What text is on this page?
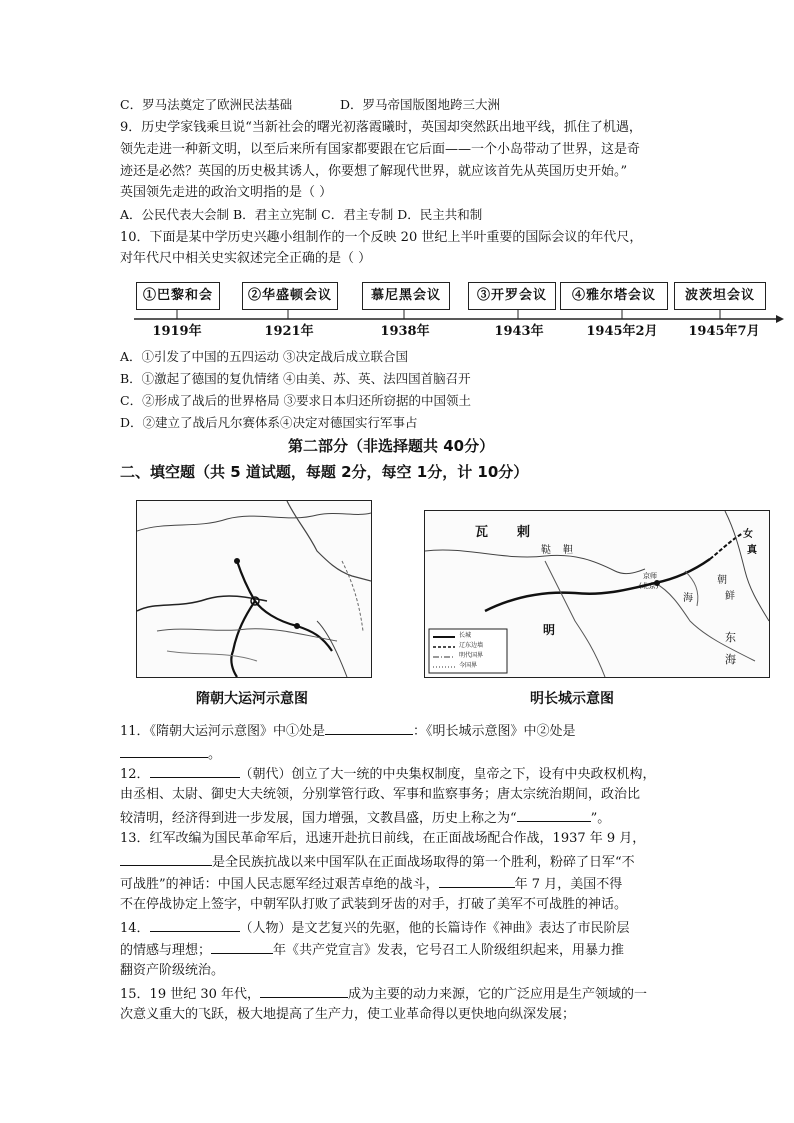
C．罗马法奠定了欧洲民法基础	D．罗马帝国版图地跨三大洲
9．历史学家钱乘旦说“当新社会的曙光初落霞曦时，英国却突然跃出地平线，抓住了机遇，
领先走进一种新文明，以至后来所有国家都要跟在它后面——一个小岛带动了世界，这是奇
迹还是必然？英国的历史极其诱人，你要想了解现代世界，就应该首先从英国历史开始。”
英国领先走进的政治文明指的是（ ）
A．公民代表大会制 B．君主立宪制 C．君主专制 D．民主共和制
10．下面是某中学历史兴趣小组制作的一个反映 20 世纪上半叶重要的国际会议的年代尺，
对年代尺中相关史实叙述完全正确的是（ ）
①巴黎和会	②华盛顿会议	慕尼黑会议	③开罗会议	④雅尔塔会议	波茨坦会议
1919年	1921年	1938年	1943年	1945年2月	1945年7月
A．①引发了中国的五四运动 ③决定战后成立联合国
B．①激起了德国的复仇情绪 ④由美、苏、英、法四国首脑召开
C．②形成了战后的世界格局 ③要求日本归还所窃据的中国领土
D．②建立了战后凡尔赛体系④决定对德国实行军事占
第二部分（非选择题共 40分）
二、填空题（共 5 道试题，每题 2分，每空 1分，计 10分）
隋朝大运河示意图
长城
辽东边墙
明代国界
今国界
瓦 剌
鞑 靼
明
东
海
京师
(北京)
海
朝
鲜
女
真
明长城示意图
11．《隋朝大运河示意图》中①处是	：《明长城示意图》中②处是
。
12．	（朝代）创立了大一统的中央集权制度，皇帝之下，设有中央政权机构，
由丞相、太尉、御史大夫统领，分别掌管行政、军事和监察事务；唐太宗统治期间，政治比
较清明，经济得到进一步发展，国力增强，文教昌盛，历史上称之为“	”。
13．红军改编为国民革命军后，迅速开赴抗日前线，在正面战场配合作战，1937 年 9 月，
是全民族抗战以来中国军队在正面战场取得的第一个胜利，粉碎了日军“不
可战胜”的神话：中国人民志愿军经过艰苦卓绝的战斗，	年 7 月，美国不得
不在停战协定上签字，中朝军队打败了武装到牙齿的对手，打破了美军不可战胜的神话。
14．	（人物）是文艺复兴的先驱，他的长篇诗作《神曲》表达了市民阶层
的情感与理想；	年《共产党宣言》发表，它号召工人阶级组织起来，用暴力推
翻资产阶级统治。
15．19 世纪 30 年代，	成为主要的动力来源，它的广泛应用是生产领域的一
次意义重大的飞跃，极大地提高了生产力，使工业革命得以更快地向纵深发展；
